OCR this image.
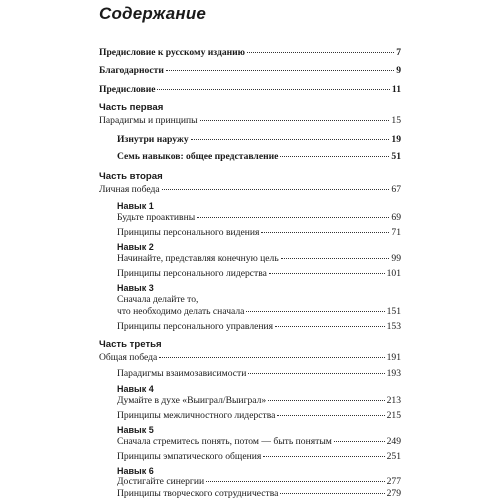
Содержание
Предисловие к русскому изданию	7
Благодарности	9
Предисловие	11
Часть первая
Парадигмы и принципы	15
Изнутри наружу	19
Семь навыков: общее представление	51
Часть вторая
Личная победа	67
Навык 1
Будьте проактивны	69
Принципы персонального видения	71
Навык 2
Начинайте, представляя конечную цель	99
Принципы персонального лидерства	101
Навык 3
Сначала делайте то,
что необходимо делать сначала	151
Принципы персонального управления	153
Часть третья
Общая победа	191
Парадигмы взаимозависимости	193
Навык 4
Думайте в духе «Выиграл/Выиграл»	213
Принципы межличностного лидерства	215
Навык 5
Сначала стремитесь понять, потом — быть понятым	249
Принципы эмпатического общения	251
Навык 6
Достигайте синергии	277
Принципы творческого сотрудничества	279
